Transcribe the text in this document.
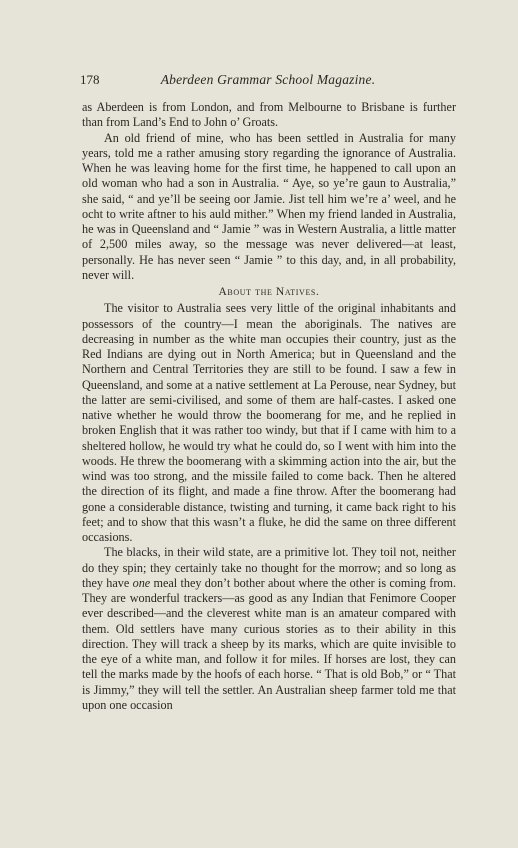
178	Aberdeen Grammar School Magazine.

as Aberdeen is from London, and from Melbourne to Brisbane is further than from Land’s End to John o’ Groats.

An old friend of mine, who has been settled in Australia for many years, told me a rather amusing story regarding the ignorance of Australia. When he was leaving home for the first time, he happened to call upon an old woman who had a son in Australia. “ Aye, so ye’re gaun to Australia,” she said, “ and ye’ll be seeing oor Jamie. Jist tell him we’re a’ weel, and he ocht to write aftner to his auld mither.” When my friend landed in Australia, he was in Queensland and “ Jamie ” was in Western Australia, a little matter of 2,500 miles away, so the message was never delivered—at least, personally. He has never seen “ Jamie ” to this day, and, in all probability, never will.

About the Natives.

The visitor to Australia sees very little of the original inhabitants and possessors of the country—I mean the aboriginals. The natives are decreasing in number as the white man occupies their country, just as the Red Indians are dying out in North America; but in Queensland and the Northern and Central Territories they are still to be found. I saw a few in Queensland, and some at a native settlement at La Perouse, near Sydney, but the latter are semi-civilised, and some of them are half-castes. I asked one native whether he would throw the boomerang for me, and he replied in broken English that it was rather too windy, but that if I came with him to a sheltered hollow, he would try what he could do, so I went with him into the woods. He threw the boomerang with a skimming action into the air, but the wind was too strong, and the missile failed to come back. Then he altered the direction of its flight, and made a fine throw. After the boomerang had gone a considerable distance, twisting and turning, it came back right to his feet; and to show that this wasn’t a fluke, he did the same on three different occasions.

The blacks, in their wild state, are a primitive lot. They toil not, neither do they spin; they certainly take no thought for the morrow; and so long as they have one meal they don’t bother about where the other is coming from. They are wonderful trackers—as good as any Indian that Fenimore Cooper ever described—and the cleverest white man is an amateur compared with them. Old settlers have many curious stories as to their ability in this direction. They will track a sheep by its marks, which are quite invisible to the eye of a white man, and follow it for miles. If horses are lost, they can tell the marks made by the hoofs of each horse. “ That is old Bob,” or “ That is Jimmy,” they will tell the settler. An Australian sheep farmer told me that upon one occasion
